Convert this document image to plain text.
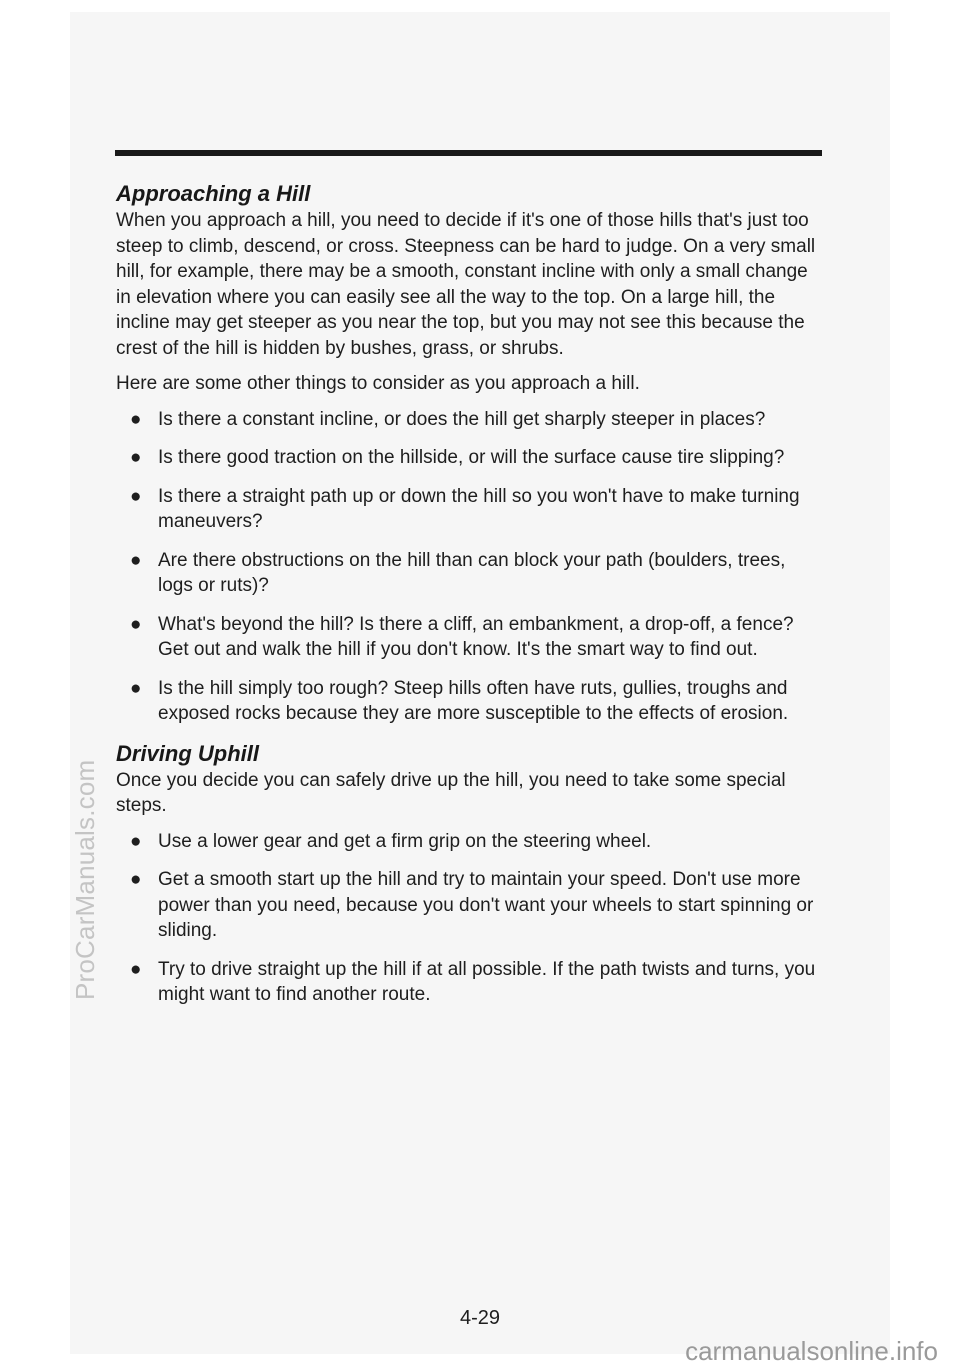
ProCarManuals.com
Approaching a Hill

When you approach a hill, you need to decide if it's one of those hills that's just too steep to climb, descend, or cross. Steepness can be hard to judge. On a very small hill, for example, there may be a smooth, constant incline with only a small change in elevation where you can easily see all the way to the top. On a large hill, the incline may get steeper as you near the top, but you may not see this because the crest of the hill is hidden by bushes, grass, or shrubs.

Here are some other things to consider as you approach a hill.

● Is there a constant incline, or does the hill get sharply steeper in places?
● Is there good traction on the hillside, or will the surface cause tire slipping?
● Is there a straight path up or down the hill so you won't have to make turning maneuvers?
● Are there obstructions on the hill than can block your path (boulders, trees, logs or ruts)?
● What's beyond the hill? Is there a cliff, an embankment, a drop-off, a fence? Get out and walk the hill if you don't know. It's the smart way to find out.
● Is the hill simply too rough? Steep hills often have ruts, gullies, troughs and exposed rocks because they are more susceptible to the effects of erosion.
Driving Uphill

Once you decide you can safely drive up the hill, you need to take some special steps.

● Use a lower gear and get a firm grip on the steering wheel.
● Get a smooth start up the hill and try to maintain your speed. Don't use more power than you need, because you don't want your wheels to start spinning or sliding.
● Try to drive straight up the hill if at all possible. If the path twists and turns, you might want to find another route.
4-29
carmanualsonline.info
